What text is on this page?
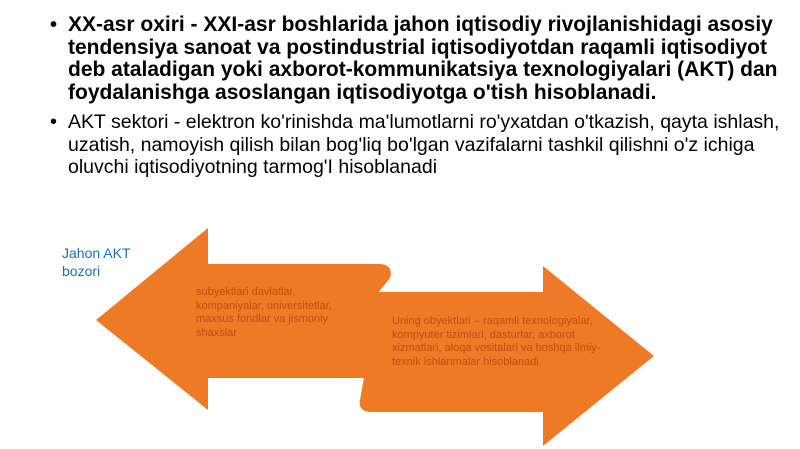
• XX-asr oxiri - XXI-asr boshlarida jahon iqtisodiy rivojlanishidagi asosiy tendensiya sanoat va postindustrial iqtisodiyotdan raqamli iqtisodiyot deb ataladigan yoki axborot-kommunikatsiya texnologiyalari (AKT) dan foydalanishga asoslangan iqtisodiyotga o'tish hisoblanadi.
• AKT sektori - elektron ko'rinishda ma'lumotlarni ro'yxatdan o'tkazish, qayta ishlash, uzatish, namoyish qilish bilan bog'liq bo'lgan vazifalarni tashkil qilishni o'z ichiga oluvchi iqtisodiyotning tarmog'I hisoblanadi
Jahon AKT bozori
subyektlari davlatlar, kompaniyalar, universitetlar, maxsus fondlar va jismoniy shaxslar
Uning obyektlari – raqamli texnologiyalar, kompyuter tizimlari, dasturlar, axborot xizmatlari, aloqa vositalari va boshqa ilmiy-texnik ishlanmalar hisoblanadi
